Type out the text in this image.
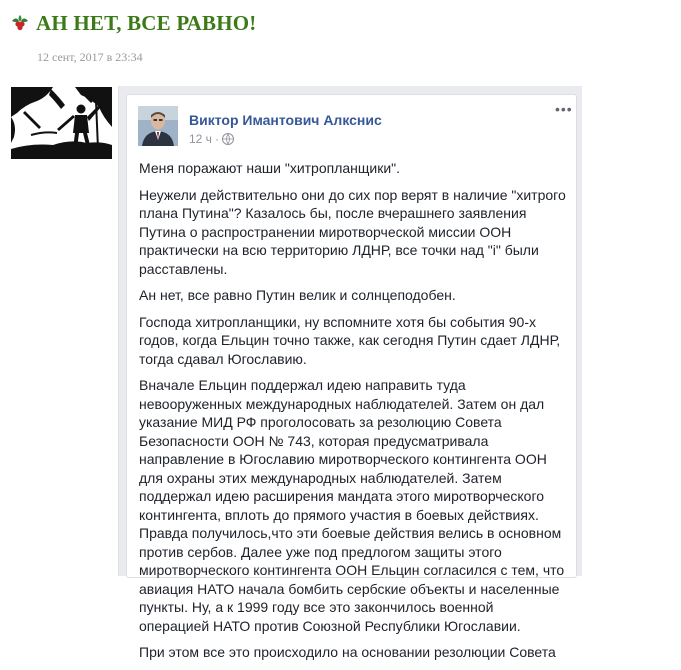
АН НЕТ, ВСЕ РАВНО!
12 сент, 2017 в 23:34
Виктор Имантович Алкснис
12 ч ·
•••

Меня поражают наши "хитропланщики".

Неужели действительно они до сих пор верят в наличие "хитрого плана Путина"? Казалось бы, после вчерашнего заявления Путина о распространении миротворческой миссии ООН практически на всю территорию ЛДНР, все точки над "i" были расставлены.

Ан нет, все равно Путин велик и солнцеподобен.

Господа хитропланщики, ну вспомните хотя бы события 90-х годов, когда Ельцин точно также, как сегодня Путин сдает ЛДНР, тогда сдавал Югославию.

Вначале Ельцин поддержал идею направить туда невооруженных международных наблюдателей. Затем он дал указание МИД РФ проголосовать за резолюцию Совета Безопасности ООН № 743, которая предусматривала направление в Югославию миротворческого контингента ООН для охраны этих международных наблюдателей. Затем поддержал идею расширения мандата этого миротворческого контингента, вплоть до прямого участия в боевых действиях. Правда получилось,что эти боевые действия велись в основном против сербов. Далее уже под предлогом защиты этого миротворческого контингента ООН Ельцин согласился с тем, что авиация НАТО начала бомбить сербские объекты и населенные пункты. Ну, а к 1999 году все это закончилось военной операцией НАТО против Союзной Республики Югославии.

При этом все это происходило на основании резолюции Совета
